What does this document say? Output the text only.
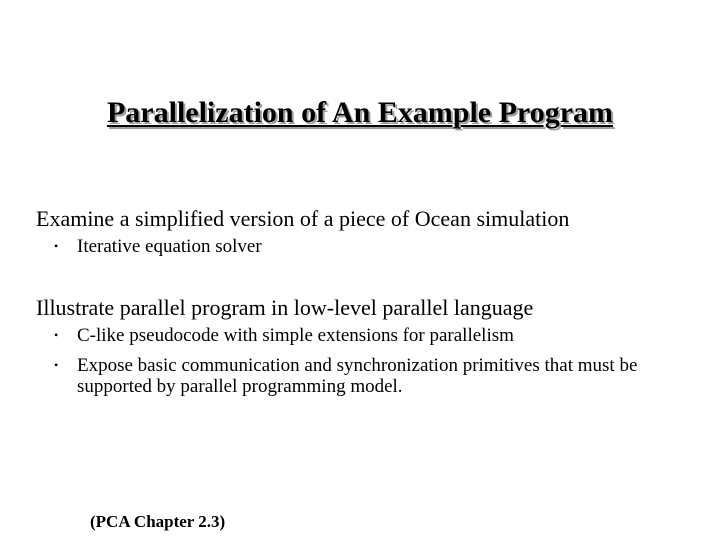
Parallelization of An Example Program
Examine a simplified version of a piece of Ocean simulation
• Iterative equation solver
Illustrate parallel program in low-level parallel language
• C-like pseudocode with simple extensions for parallelism
• Expose basic communication and synchronization primitives that must be supported by parallel programming model.
(PCA Chapter 2.3)
